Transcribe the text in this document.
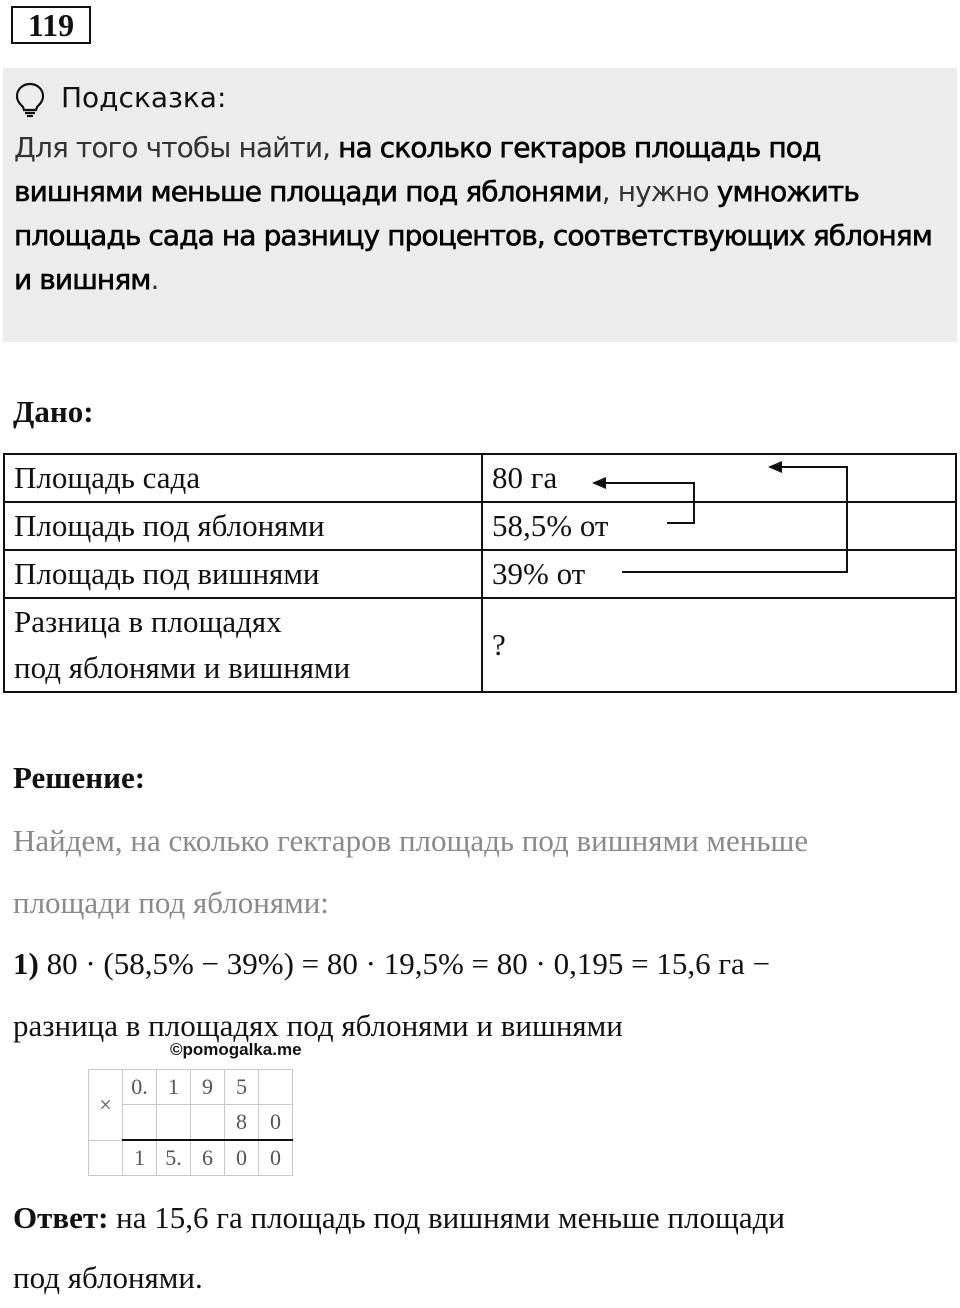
119
Подсказка:
Для того чтобы найти, на сколько гектаров площадь под вишнями меньше площади под яблонями, нужно умножить площадь сада на разницу процентов, соответствующих яблоням и вишням.
Дано:
Площадь сада	80 га
Площадь под яблонями	58,5% от
Площадь под вишнями	39% от
Разница в площадях
под яблонями и вишнями	?
Решение:
Найдем, на сколько гектаров площадь под вишнями меньше
площади под яблонями:
1) 80 · (58,5% − 39%) = 80 · 19,5% = 80 · 0,195 = 15,6 га −
разница в площадях под яблонями и вишнями
©pomogalka.me
×	0.	1	9	5	
				8	0
	1	5.	6	0	0
Ответ: на 15,6 га площадь под вишнями меньше площади
под яблонями.
